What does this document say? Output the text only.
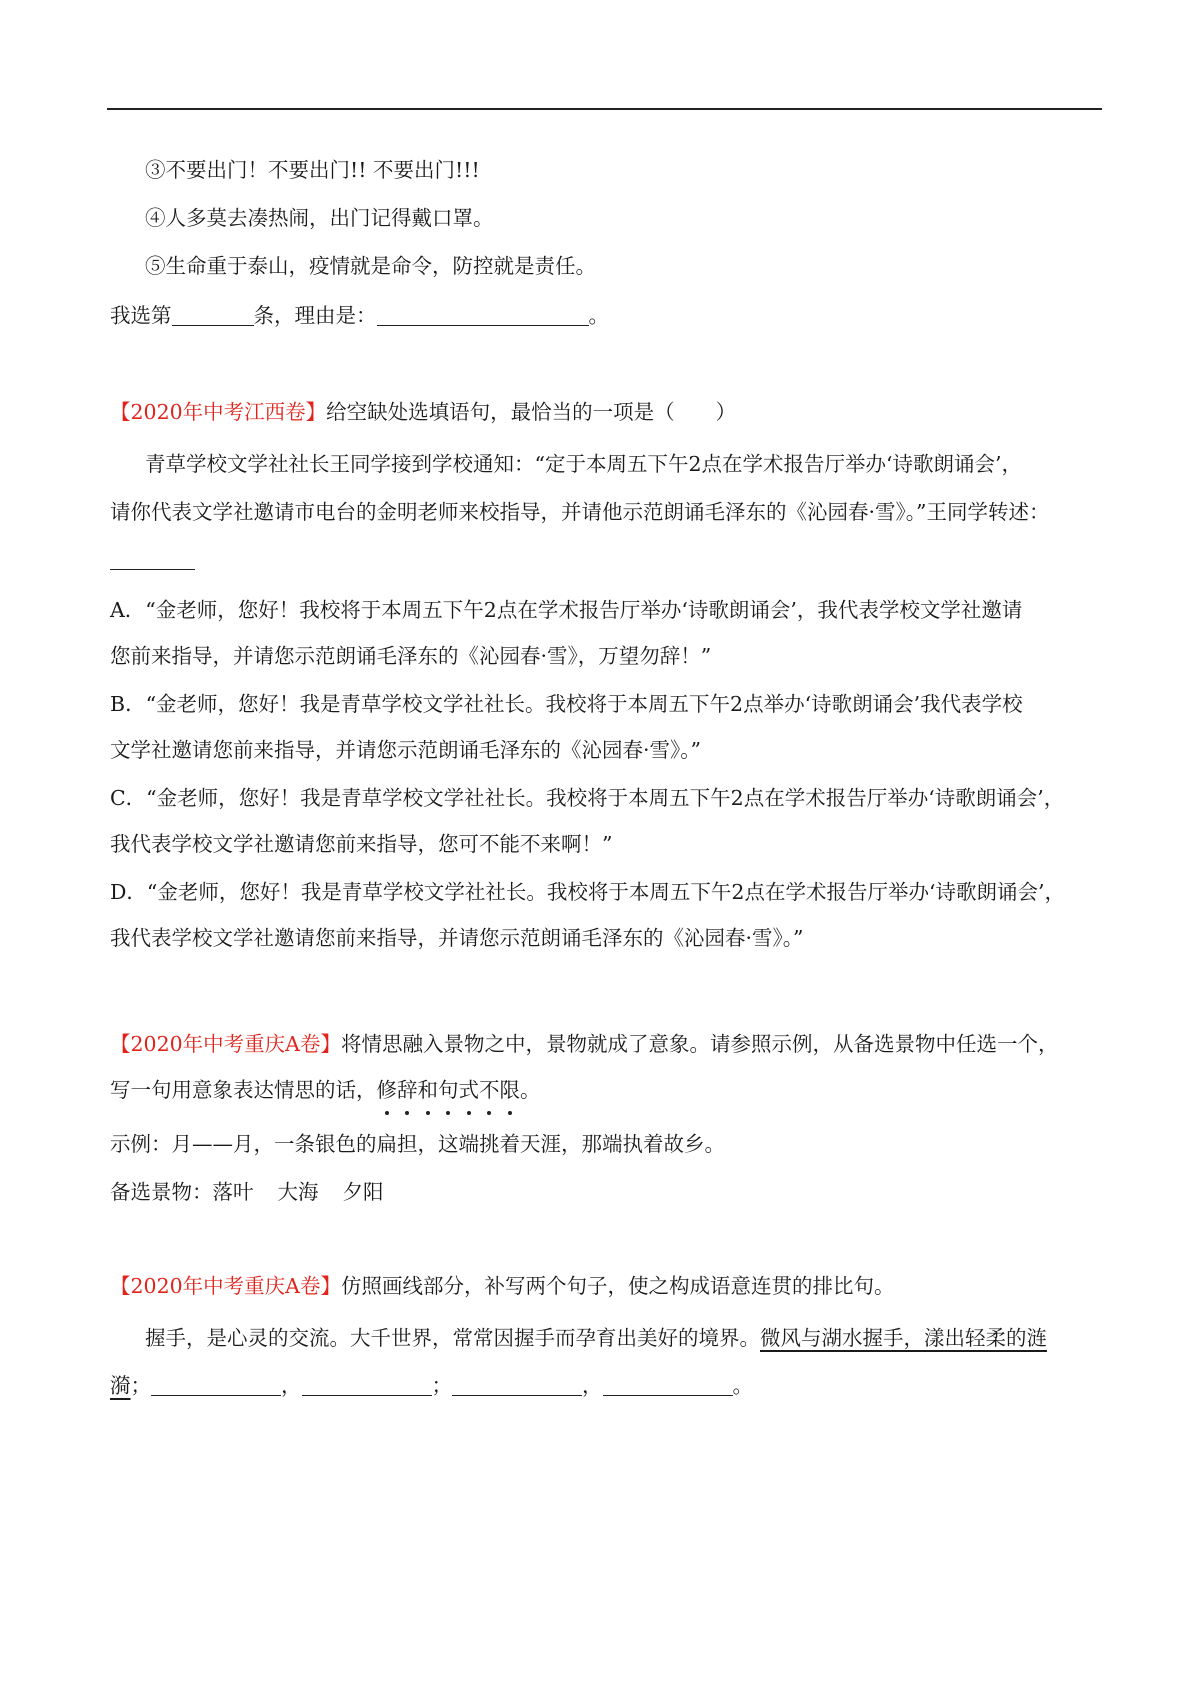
③不要出门！不要出门!! 不要出门!!!
④人多莫去凑热闹，出门记得戴口罩。
⑤生命重于泰山，疫情就是命令，防控就是责任。
我选第	条，理由是：	。
【2020年中考江西卷】给空缺处选填语句，最恰当的一项是（　　）
青草学校文学社社长王同学接到学校通知：“定于本周五下午2点在学术报告厅举办‘诗歌朗诵会’，
请你代表文学社邀请市电台的金明老师来校指导，并请他示范朗诵毛泽东的《沁园春·雪》。”王同学转述：
A．“金老师，您好！我校将于本周五下午2点在学术报告厅举办‘诗歌朗诵会’，我代表学校文学社邀请
您前来指导，并请您示范朗诵毛泽东的《沁园春·雪》，万望勿辞！”
B．“金老师，您好！我是青草学校文学社社长。我校将于本周五下午2点举办‘诗歌朗诵会’我代表学校
文学社邀请您前来指导，并请您示范朗诵毛泽东的《沁园春·雪》。”
C．“金老师，您好！我是青草学校文学社社长。我校将于本周五下午2点在学术报告厅举办‘诗歌朗诵会’，
我代表学校文学社邀请您前来指导，您可不能不来啊！”
D．“金老师，您好！我是青草学校文学社社长。我校将于本周五下午2点在学术报告厅举办‘诗歌朗诵会’，
我代表学校文学社邀请您前来指导，并请您示范朗诵毛泽东的《沁园春·雪》。”
【2020年中考重庆A卷】将情思融入景物之中，景物就成了意象。请参照示例，从备选景物中任选一个，
写一句用意象表达情思的话，修辞和句式不限。
示例：月——月，一条银色的扁担，这端挑着天涯，那端执着故乡。
备选景物：落叶 大海 夕阳
【2020年中考重庆A卷】仿照画线部分，补写两个句子，使之构成语意连贯的排比句。
握手，是心灵的交流。大千世界，常常因握手而孕育出美好的境界。微风与湖水握手，漾出轻柔的涟
漪；	，	；	，	。
